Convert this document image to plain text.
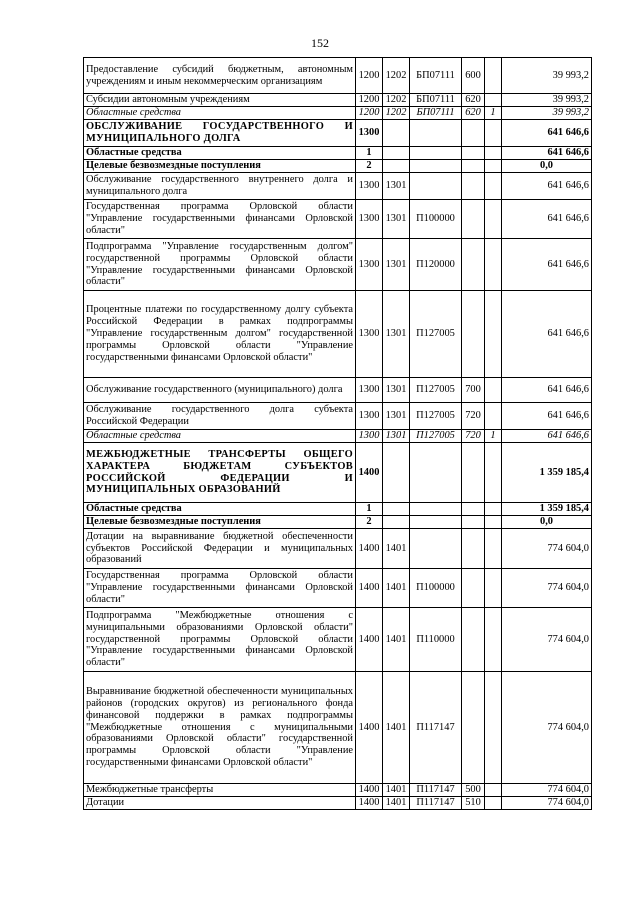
152
Предоставление субсидий бюджетным, автономным учреждениям и иным некоммерческим организациям	1200	1202	БП07111	600		39 993,2
Субсидии автономным учреждениям	1200	1202	БП07111	620		39 993,2
Областные средства	1200	1202	БП07111	620	1	39 993,2
ОБСЛУЖИВАНИЕ ГОСУДАРСТВЕННОГО И МУНИЦИПАЛЬНОГО ДОЛГА	1300					641 646,6
Областные средства	1					641 646,6
Целевые безвозмездные поступления	2					0,0
Обслуживание государственного внутреннего долга и муниципального долга	1300	1301				641 646,6
Государственная программа Орловской области "Управление государственными финансами Орловской области"	1300	1301	П100000			641 646,6
Подпрограмма "Управление государственным долгом" государственной программы Орловской области "Управление государственными финансами Орловской области"	1300	1301	П120000			641 646,6
Процентные платежи по государственному долгу субъекта Российской Федерации в рамках подпрограммы "Управление государственным долгом" государственной программы Орловской области "Управление государственными финансами Орловской области"	1300	1301	П127005			641 646,6
Обслуживание государственного (муниципального) долга	1300	1301	П127005	700		641 646,6
Обслуживание государственного долга субъекта Российской Федерации	1300	1301	П127005	720		641 646,6
Областные средства	1300	1301	П127005	720	1	641 646,6
МЕЖБЮДЖЕТНЫЕ ТРАНСФЕРТЫ ОБЩЕГО ХАРАКТЕРА БЮДЖЕТАМ СУБЪЕКТОВ РОССИЙСКОЙ ФЕДЕРАЦИИ И МУНИЦИПАЛЬНЫХ ОБРАЗОВАНИЙ	1400					1 359 185,4
Областные средства	1					1 359 185,4
Целевые безвозмездные поступления	2					0,0
Дотации на выравнивание бюджетной обеспеченности субъектов Российской Федерации и муниципальных образований	1400	1401				774 604,0
Государственная программа Орловской области "Управление государственными финансами Орловской области"	1400	1401	П100000			774 604,0
Подпрограмма "Межбюджетные отношения с муниципальными образованиями Орловской области" государственной программы Орловской области "Управление государственными финансами Орловской области"	1400	1401	П110000			774 604,0
Выравнивание бюджетной обеспеченности муниципальных районов (городских округов) из регионального фонда финансовой поддержки в рамках подпрограммы "Межбюджетные отношения с муниципальными образованиями Орловской области" государственной программы Орловской области "Управление государственными финансами Орловской области"	1400	1401	П117147			774 604,0
Межбюджетные трансферты	1400	1401	П117147	500		774 604,0
Дотации	1400	1401	П117147	510		774 604,0
